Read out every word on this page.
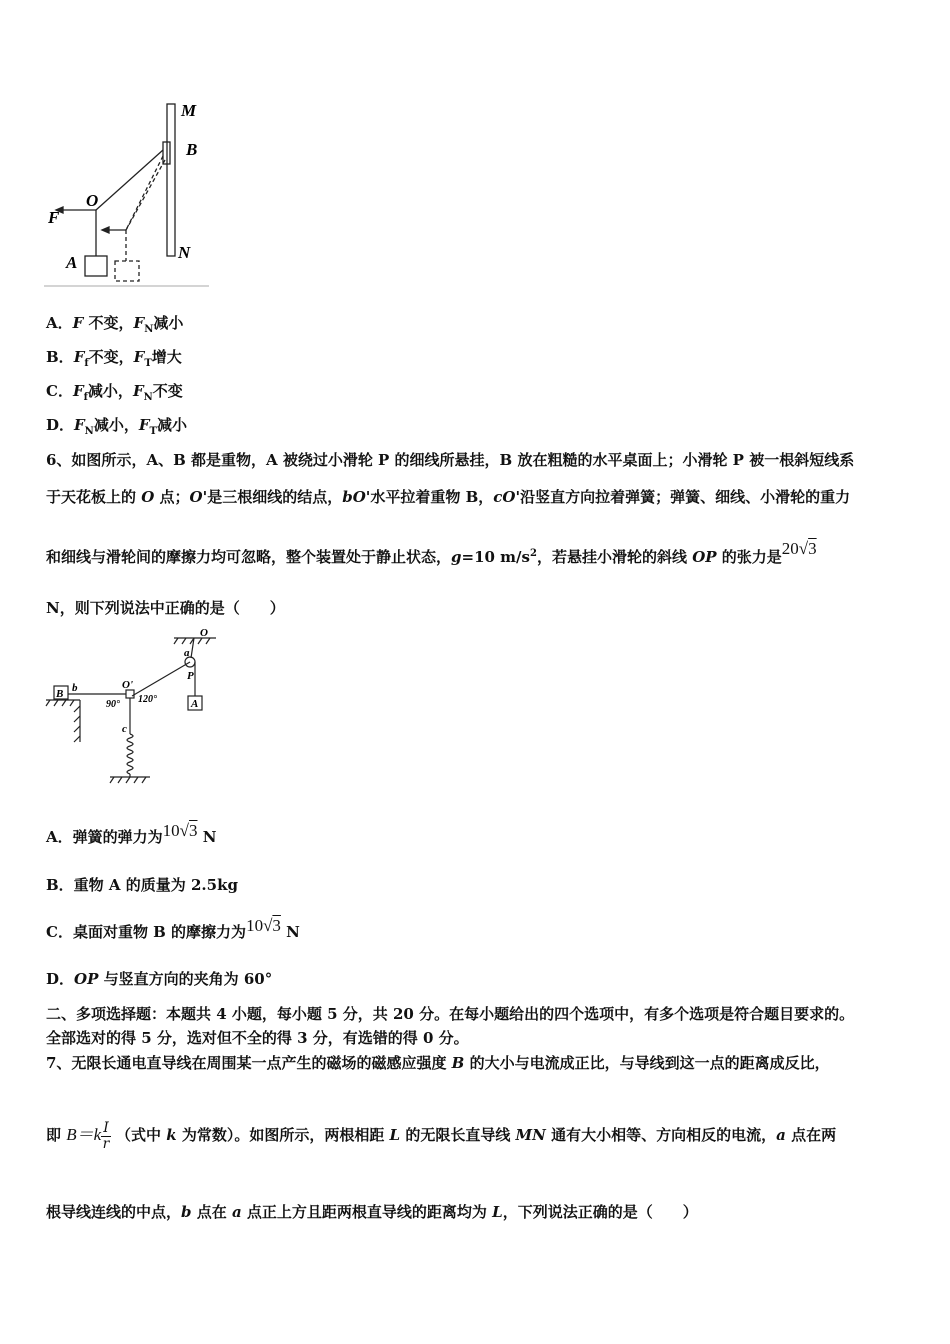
M
B
O
F
A
N
A．F 不变，$F_N$减小
B．$F_f$不变，$F_T$增大
C．$F_f$减小，$F_N$不变
D．$F_N$减小，$F_T$减小
6、如图所示，A、B 都是重物，A 被绕过小滑轮 P 的细线所悬挂，B 放在粗糙的水平桌面上；小滑轮 P 被一根斜短线系
于天花板上的 O 点；O'是三根细线的结点，bO'水平拉着重物 B，cO'沿竖直方向拉着弹簧；弹簧、细线、小滑轮的重力
和细线与滑轮间的摩擦力均可忽略，整个装置处于静止状态，g=10 $m/s^2$，若悬挂小滑轮的斜线 OP 的张力是20√3
N，则下列说法中正确的是（　　）
O
a
P
B b	O'
90° 120°
c
A
A．弹簧的弹力为10√3 N
B．重物 A 的质量为 2.5kg
C．桌面对重物 B 的摩擦力为10√3 N
D．OP 与竖直方向的夹角为 60°
二、多项选择题：本题共 4 小题，每小题 5 分，共 20 分。在每小题给出的四个选项中，有多个选项是符合题目要求的。
全部选对的得 5 分，选对但不全的得 3 分，有选错的得 0 分。
7、无限长通电直导线在周围某一点产生的磁场的磁感应强度 B 的大小与电流成正比，与导线到这一点的距离成反比，
即 $B=k \frac{I}{r}$ （式中 k 为常数）。如图所示，两根相距 L 的无限长直导线 MN 通有大小相等、方向相反的电流，a 点在两
根导线连线的中点，b 点在 a 点正上方且距两根直导线的距离均为 L，下列说法正确的是（　　）
